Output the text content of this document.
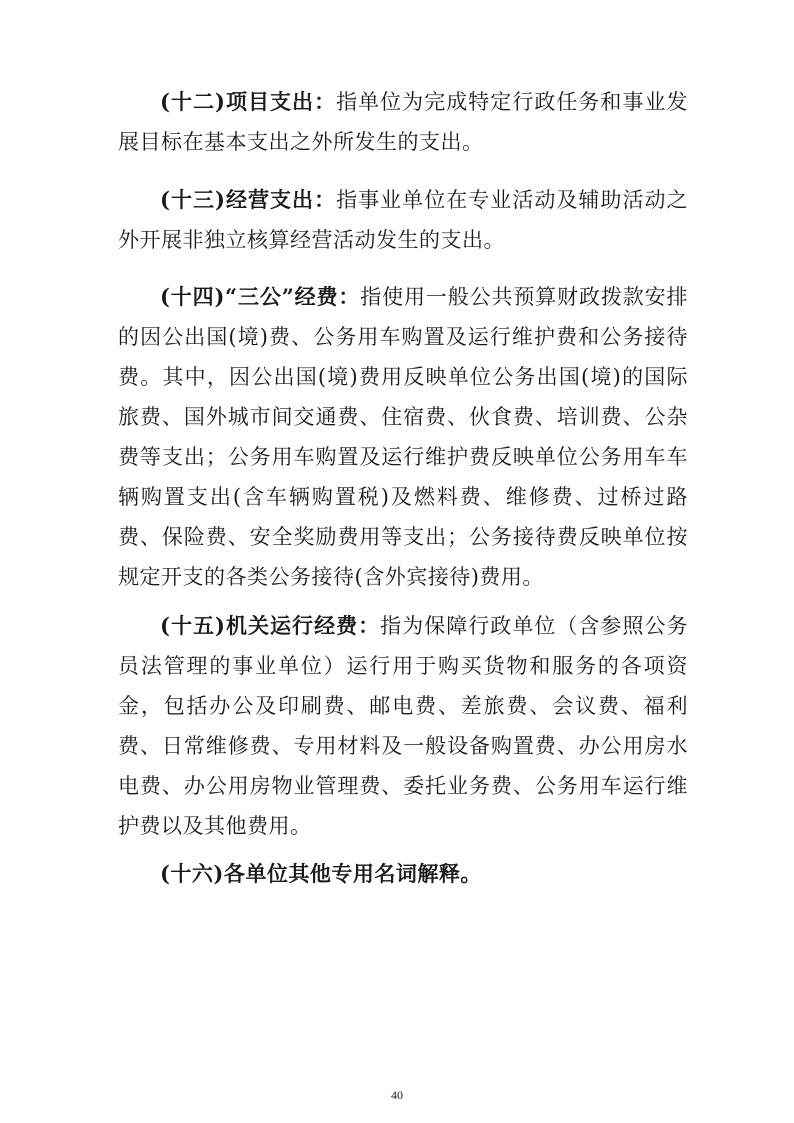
(十二)项目支出：指单位为完成特定行政任务和事业发展目标在基本支出之外所发生的支出。

(十三)经营支出：指事业单位在专业活动及辅助活动之外开展非独立核算经营活动发生的支出。

(十四)“三公”经费：指使用一般公共预算财政拨款安排的因公出国(境)费、公务用车购置及运行维护费和公务接待费。其中，因公出国(境)费用反映单位公务出国(境)的国际旅费、国外城市间交通费、住宿费、伙食费、培训费、公杂费等支出；公务用车购置及运行维护费反映单位公务用车车辆购置支出(含车辆购置税)及燃料费、维修费、过桥过路费、保险费、安全奖励费用等支出；公务接待费反映单位按规定开支的各类公务接待(含外宾接待)费用。

(十五)机关运行经费：指为保障行政单位（含参照公务员法管理的事业单位）运行用于购买货物和服务的各项资金，包括办公及印刷费、邮电费、差旅费、会议费、福利费、日常维修费、专用材料及一般设备购置费、办公用房水电费、办公用房物业管理费、委托业务费、公务用车运行维护费以及其他费用。

(十六)各单位其他专用名词解释。

40
